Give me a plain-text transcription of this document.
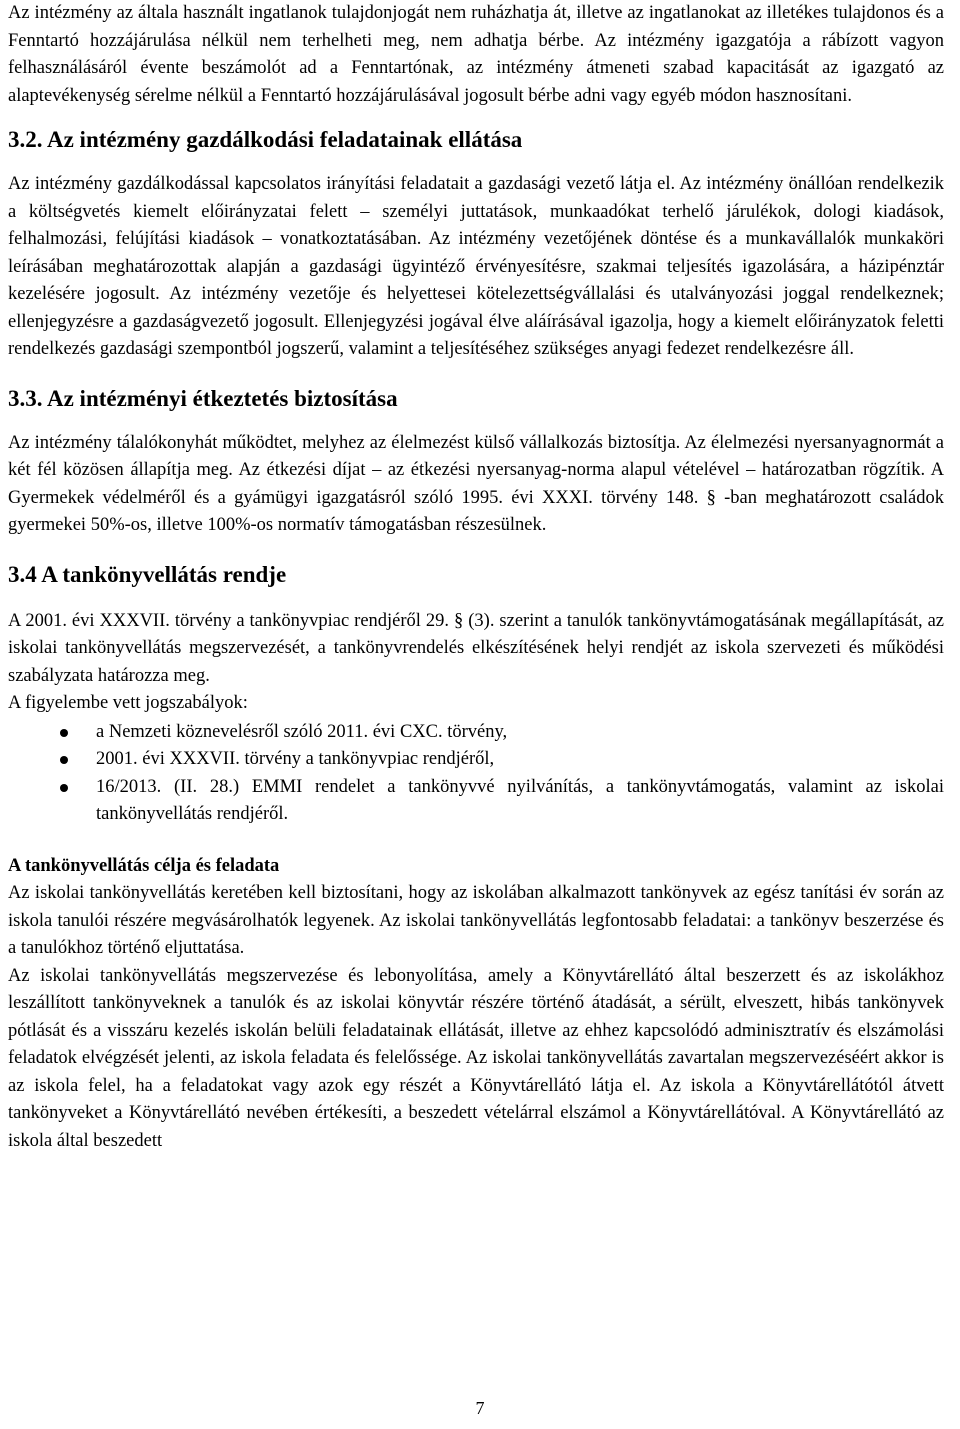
Az intézmény az általa használt ingatlanok tulajdonjogát nem ruházhatja át, illetve az ingatlanokat az illetékes tulajdonos és a Fenntartó hozzájárulása nélkül nem terhelheti meg, nem adhatja bérbe. Az intézmény igazgatója a rábízott vagyon felhasználásáról évente beszámolót ad a Fenntartónak, az intézmény átmeneti szabad kapacitását az igazgató az alaptevékenység sérelme nélkül a Fenntartó hozzájárulásával jogosult bérbe adni vagy egyéb módon hasznosítani.

3.2. Az intézmény gazdálkodási feladatainak ellátása

Az intézmény gazdálkodással kapcsolatos irányítási feladatait a gazdasági vezető látja el. Az intézmény önállóan rendelkezik a költségvetés kiemelt előirányzatai felett – személyi juttatások, munkaadókat terhelő járulékok, dologi kiadások, felhalmozási, felújítási kiadások – vonatkoztatásában. Az intézmény vezetőjének döntése és a munkavállalók munkaköri leírásában meghatározottak alapján a gazdasági ügyintéző érvényesítésre, szakmai teljesítés igazolására, a házipénztár kezelésére jogosult. Az intézmény vezetője és helyettesei kötelezettségvállalási és utalványozási joggal rendelkeznek; ellenjegyzésre a gazdaságvezető jogosult. Ellenjegyzési jogával élve aláírásával igazolja, hogy a kiemelt előirányzatok feletti rendelkezés gazdasági szempontból jogszerű, valamint a teljesítéséhez szükséges anyagi fedezet rendelkezésre áll.

3.3. Az intézményi étkeztetés biztosítása

Az intézmény tálalókonyhát működtet, melyhez az élelmezést külső vállalkozás biztosítja. Az élelmezési nyersanyagnormát a két fél közösen állapítja meg. Az étkezési díjat – az étkezési nyersanyag-norma alapul vételével – határozatban rögzítik. A Gyermekek védelméről és a gyámügyi igazgatásról szóló 1995. évi XXXI. törvény 148. § -ban meghatározott családok gyermekei 50%-os, illetve 100%-os normatív támogatásban részesülnek.

3.4 A tankönyvellátás rendje

A 2001. évi XXXVII. törvény a tankönyvpiac rendjéről 29. § (3). szerint a tanulók tankönyvtámogatásának megállapítását, az iskolai tankönyvellátás megszervezését, a tankönyvrendelés elkészítésének helyi rendjét az iskola szervezeti és működési szabályzata határozza meg.

A figyelembe vett jogszabályok:

a Nemzeti köznevelésről szóló 2011. évi CXC. törvény,
2001. évi XXXVII. törvény a tankönyvpiac rendjéről,
16/2013. (II. 28.) EMMI rendelet a tankönyvvé nyilvánítás, a tankönyvtámogatás, valamint az iskolai tankönyvellátás rendjéről.
A tankönyvellátás célja és feladata

Az iskolai tankönyvellátás keretében kell biztosítani, hogy az iskolában alkalmazott tankönyvek az egész tanítási év során az iskola tanulói részére megvásárolhatók legyenek. Az iskolai tankönyvellátás legfontosabb feladatai: a tankönyv beszerzése és a tanulókhoz történő eljuttatása.

Az iskolai tankönyvellátás megszervezése és lebonyolítása, amely a Könyvtárellátó által beszerzett és az iskolákhoz leszállított tankönyveknek a tanulók és az iskolai könyvtár részére történő átadását, a sérült, elveszett, hibás tankönyvek pótlását és a visszáru kezelés iskolán belüli feladatainak ellátását, illetve az ehhez kapcsolódó adminisztratív és elszámolási feladatok elvégzését jelenti, az iskola feladata és felelőssége. Az iskolai tankönyvellátás zavartalan megszervezéséért akkor is az iskola felel, ha a feladatokat vagy azok egy részét a Könyvtárellátó látja el. Az iskola a Könyvtárellátótól átvett tankönyveket a Könyvtárellátó nevében értékesíti, a beszedett vételárral elszámol a Könyvtárellátóval. A Könyvtárellátó az iskola által beszedett

7
